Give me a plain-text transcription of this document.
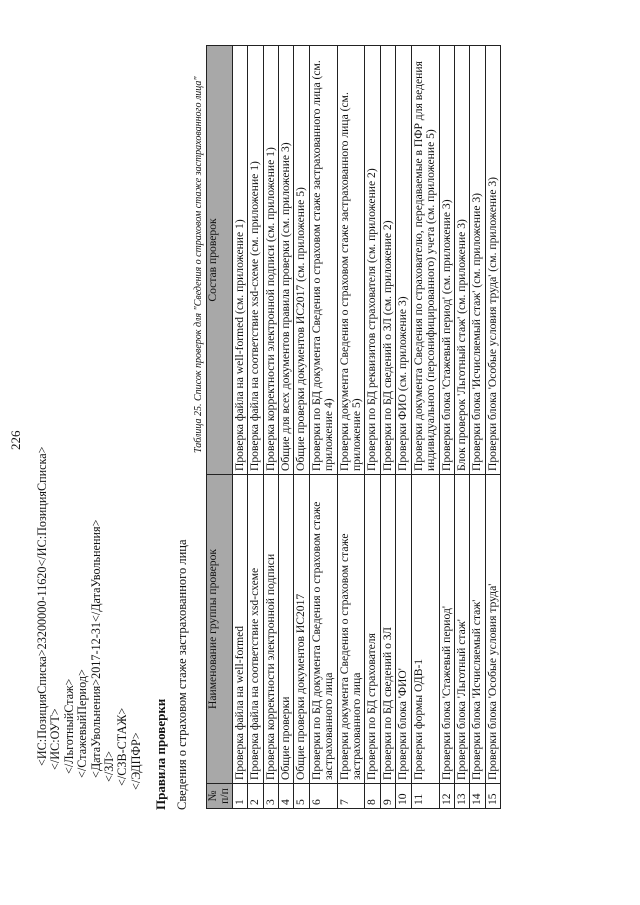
226
<ИС:ПозицияСписка>23200000-11620</ИС:ПозицияСписка> </ИС:ОУТ> </ЛьготныйСтаж> </СтажевыйПериод> <ДатаУвольнения>2017-12-31</ДатаУвольнения> </ЗЛ> </СЗВ-СТАЖ> </ЭДПФР> Правила проверки Сведения о страховом стаже застрахованного лица
Таблица 25. Список проверок для "Сведения о страховом стаже застрахованного лица"
№ п/п	Наименование группы проверок	Состав проверок
1	Проверка файла на well-formed	Проверка файла на well-formed (см. приложение 1)
2	Проверка файла на соответствие xsd-схеме	Проверка файла на соответствие xsd-схеме (см. приложение 1)
3	Проверка корректности электронной подписи	Проверка корректности электронной подписи (см. приложение 1)
4	Общие проверки	Общие для всех документов правила проверки (см. приложение 3)
5	Общие проверки документов ИС2017	Общие проверки документов ИС2017 (см. приложение 5)
6	Проверки по БД документа Сведения о страховом стаже застрахованного лица	Проверки по БД документа Сведения о страховом стаже застрахованного лица (см. приложение 4)
7	Проверки документа Сведения о страховом стаже застрахованного лица	Проверки документа Сведения о страховом стаже застрахованного лица (см. приложение 5)
8	Проверки по БД страхователя	Проверки по БД реквизитов страхователя (см. приложение 2)
9	Проверки по БД сведений о ЗЛ	Проверки по БД сведений о ЗЛ (см. приложение 2)
10	Проверки блока 'ФИО'	Проверки ФИО (см. приложение 3)
11	Проверки формы ОДВ-1	Проверки документа Сведения по страхователю, передаваемые в ПФР для ведения индивидуального (персонифицированного) учета (см. приложение 5)
12	Проверки блока 'Стажевый период'	Проверки блока 'Стажевый период' (см. приложение 3)
13	Проверки блока 'Льготный стаж'	Блок проверок 'Льготный стаж' (см. приложение 3)
14	Проверки блока 'Исчисляемый стаж'	Проверки блока 'Исчисляемый стаж' (см. приложение 3)
15	Проверки блока 'Особые условия труда'	Проверки блока 'Особые условия труда' (см. приложение 3)
